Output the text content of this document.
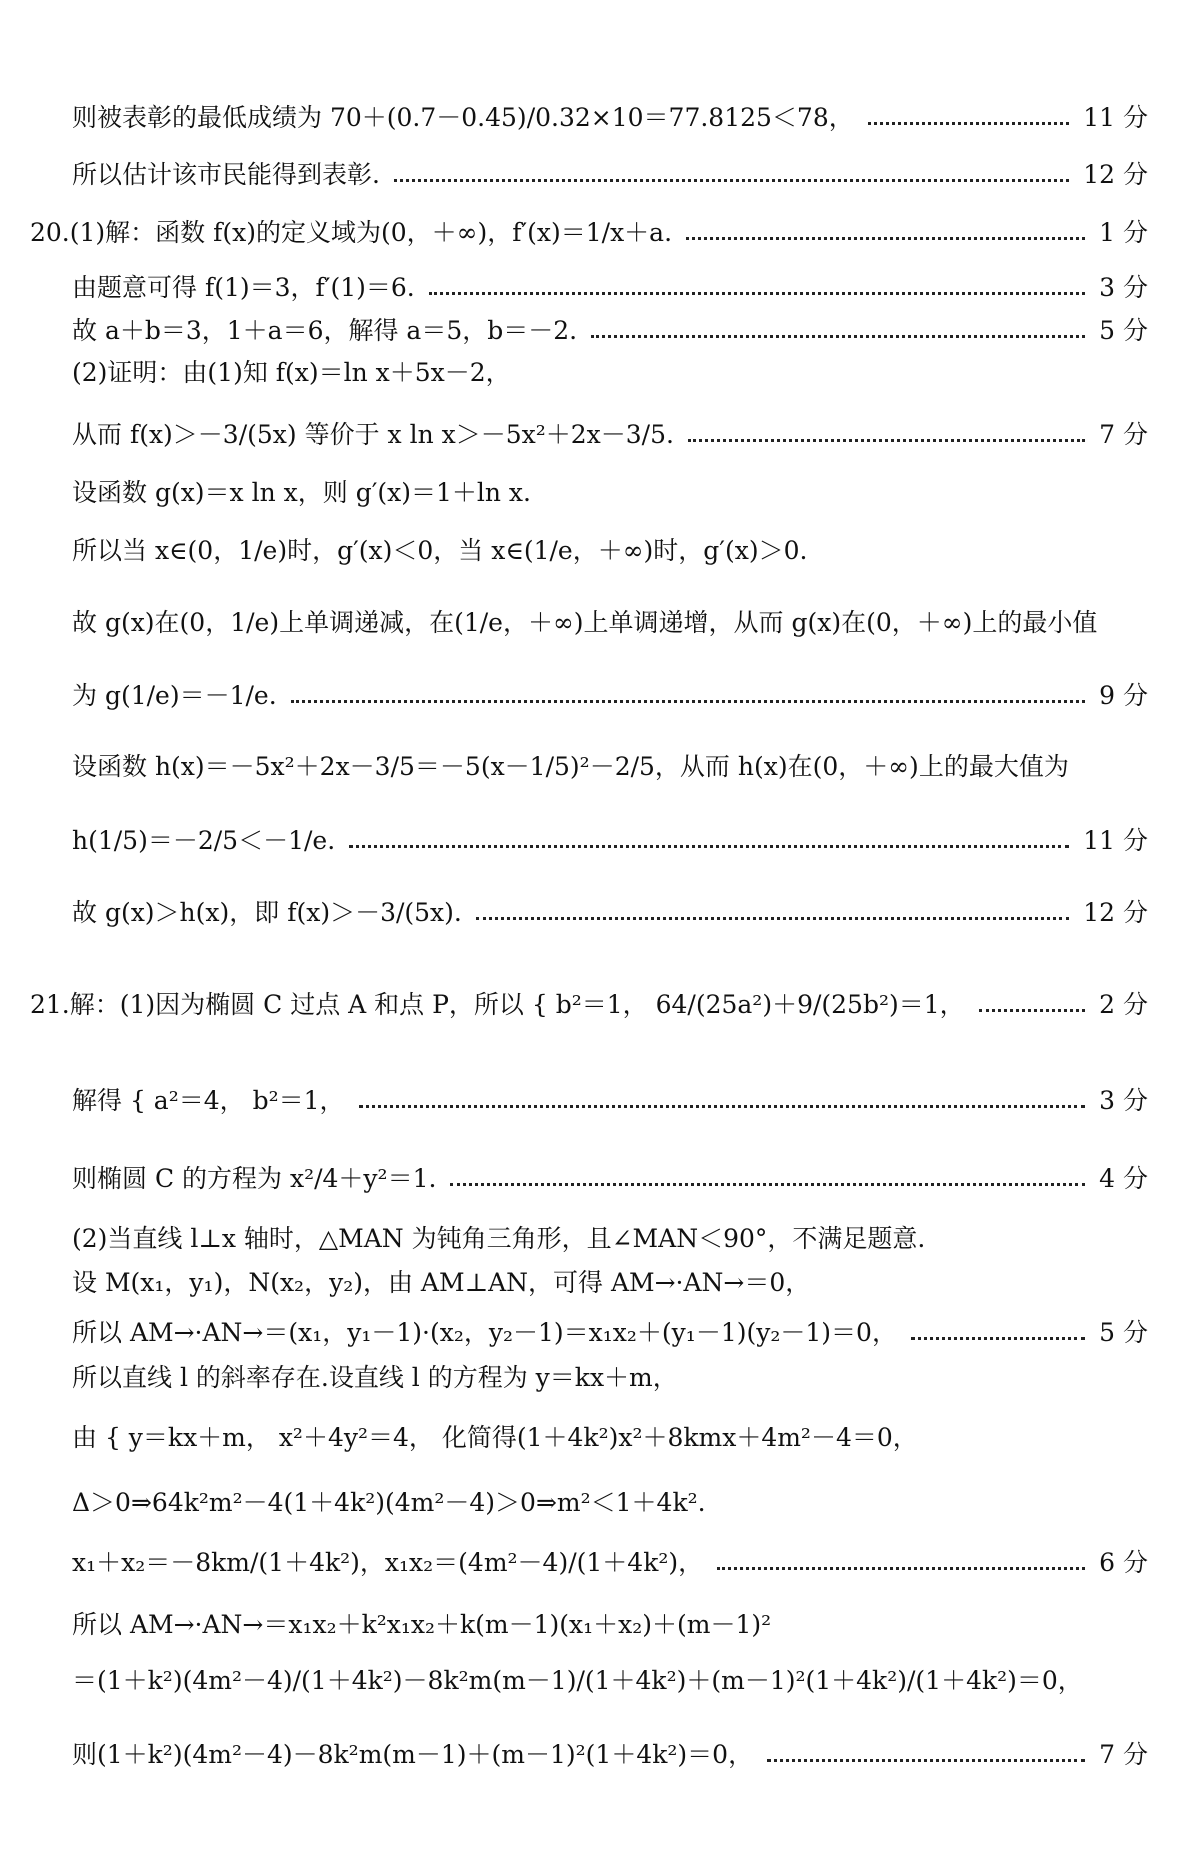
则被表彰的最低成绩为 70＋(0.7－0.45)/0.32×10＝77.8125＜78，	11 分
所以估计该市民能得到表彰.	12 分
20.(1)解：函数 f(x)的定义域为(0，＋∞)，f′(x)＝1/x＋a.	1 分
由题意可得 f(1)＝3，f′(1)＝6.	3 分
故 a＋b＝3，1＋a＝6，解得 a＝5，b＝－2.	5 分
(2)证明：由(1)知 f(x)＝ln x＋5x－2，
从而 f(x)＞－3/(5x) 等价于 x ln x＞－5x²＋2x－3/5.	7 分
设函数 g(x)＝x ln x，则 g′(x)＝1＋ln x.
所以当 x∈(0，1/e)时，g′(x)＜0，当 x∈(1/e，＋∞)时，g′(x)＞0.
故 g(x)在(0，1/e)上单调递减，在(1/e，＋∞)上单调递增，从而 g(x)在(0，＋∞)上的最小值
为 g(1/e)＝－1/e.	9 分
设函数 h(x)＝－5x²＋2x－3/5＝－5(x－1/5)²－2/5，从而 h(x)在(0，＋∞)上的最大值为
h(1/5)＝－2/5＜－1/e.	11 分
故 g(x)＞h(x)，即 f(x)＞－3/(5x).	12 分
21.解：(1)因为椭圆 C 过点 A 和点 P，所以 { b²＝1， 64/(25a²)＋9/(25b²)＝1，	2 分
解得 { a²＝4， b²＝1，	3 分
则椭圆 C 的方程为 x²/4＋y²＝1.	4 分
(2)当直线 l⊥x 轴时，△MAN 为钝角三角形，且∠MAN＜90°，不满足题意.
设 M(x₁，y₁)，N(x₂，y₂)，由 AM⊥AN，可得 AM→·AN→＝0，
所以 AM→·AN→＝(x₁，y₁－1)·(x₂，y₂－1)＝x₁x₂＋(y₁－1)(y₂－1)＝0，	5 分
所以直线 l 的斜率存在.设直线 l 的方程为 y＝kx＋m，
由 { y＝kx＋m， x²＋4y²＝4， 化简得(1＋4k²)x²＋8kmx＋4m²－4＝0，
Δ＞0⇒64k²m²－4(1＋4k²)(4m²－4)＞0⇒m²＜1＋4k².
x₁＋x₂＝－8km/(1＋4k²)，x₁x₂＝(4m²－4)/(1＋4k²)，	6 分
所以 AM→·AN→＝x₁x₂＋k²x₁x₂＋k(m－1)(x₁＋x₂)＋(m－1)²
＝(1＋k²)(4m²－4)/(1＋4k²)－8k²m(m－1)/(1＋4k²)＋(m－1)²(1＋4k²)/(1＋4k²)＝0，
则(1＋k²)(4m²－4)－8k²m(m－1)＋(m－1)²(1＋4k²)＝0，	7 分
